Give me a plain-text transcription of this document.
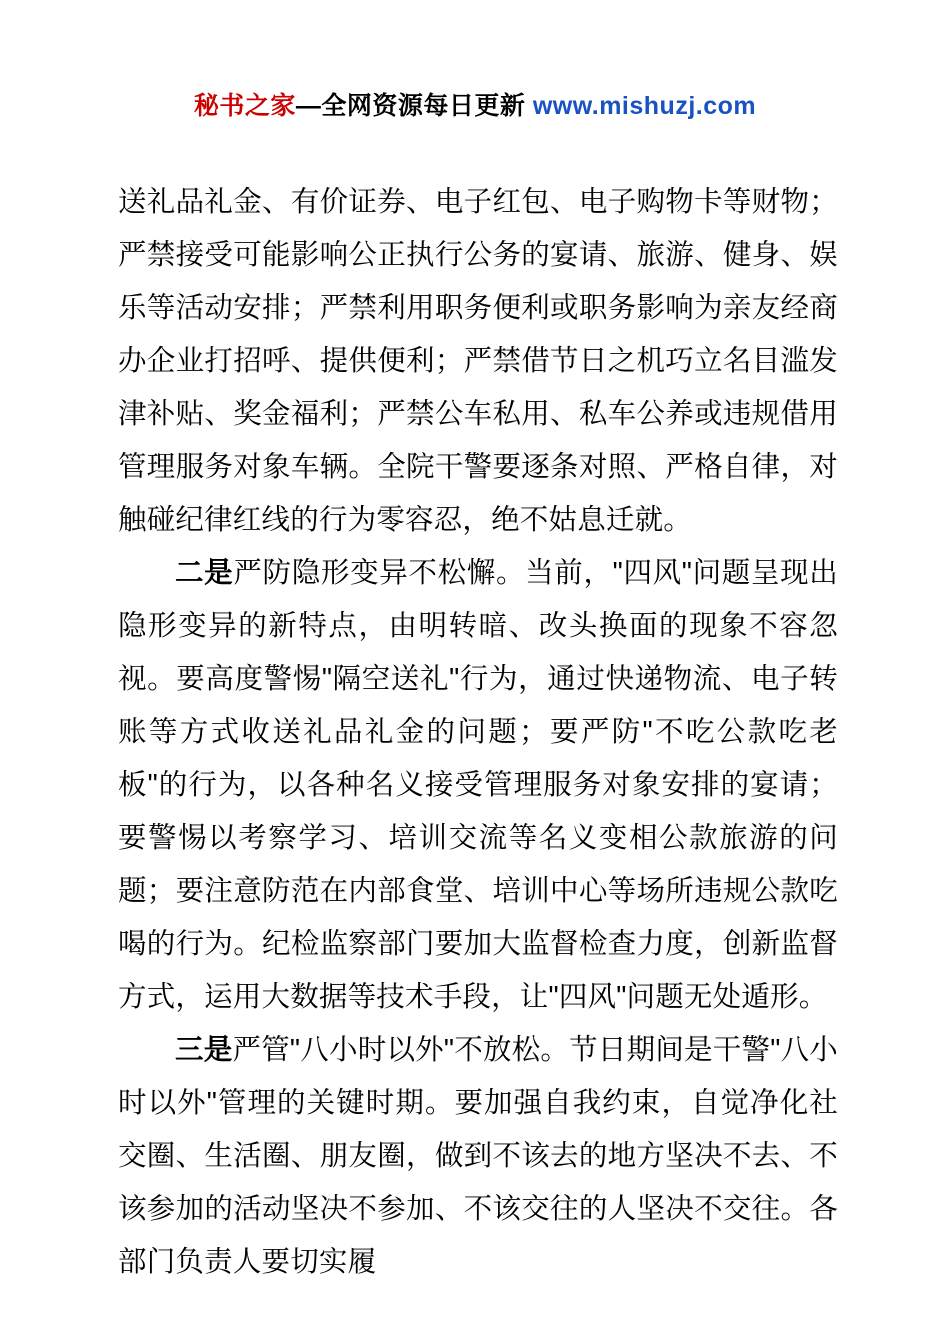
秘书之家—全网资源每日更新 www.mishuzj.com

送礼品礼金、有价证券、电子红包、电子购物卡等财物；严禁接受可能影响公正执行公务的宴请、旅游、健身、娱乐等活动安排；严禁利用职务便利或职务影响为亲友经商办企业打招呼、提供便利；严禁借节日之机巧立名目滥发津补贴、奖金福利；严禁公车私用、私车公养或违规借用管理服务对象车辆。全院干警要逐条对照、严格自律，对触碰纪律红线的行为零容忍，绝不姑息迁就。

二是严防隐形变异不松懈。当前，"四风"问题呈现出隐形变异的新特点，由明转暗、改头换面的现象不容忽视。要高度警惕"隔空送礼"行为，通过快递物流、电子转账等方式收送礼品礼金的问题；要严防"不吃公款吃老板"的行为，以各种名义接受管理服务对象安排的宴请；要警惕以考察学习、培训交流等名义变相公款旅游的问题；要注意防范在内部食堂、培训中心等场所违规公款吃喝的行为。纪检监察部门要加大监督检查力度，创新监督方式，运用大数据等技术手段，让"四风"问题无处遁形。

三是严管"八小时以外"不放松。节日期间是干警"八小时以外"管理的关键时期。要加强自我约束，自觉净化社交圈、生活圈、朋友圈，做到不该去的地方坚决不去、不该参加的活动坚决不参加、不该交往的人坚决不交往。各部门负责人要切实履
